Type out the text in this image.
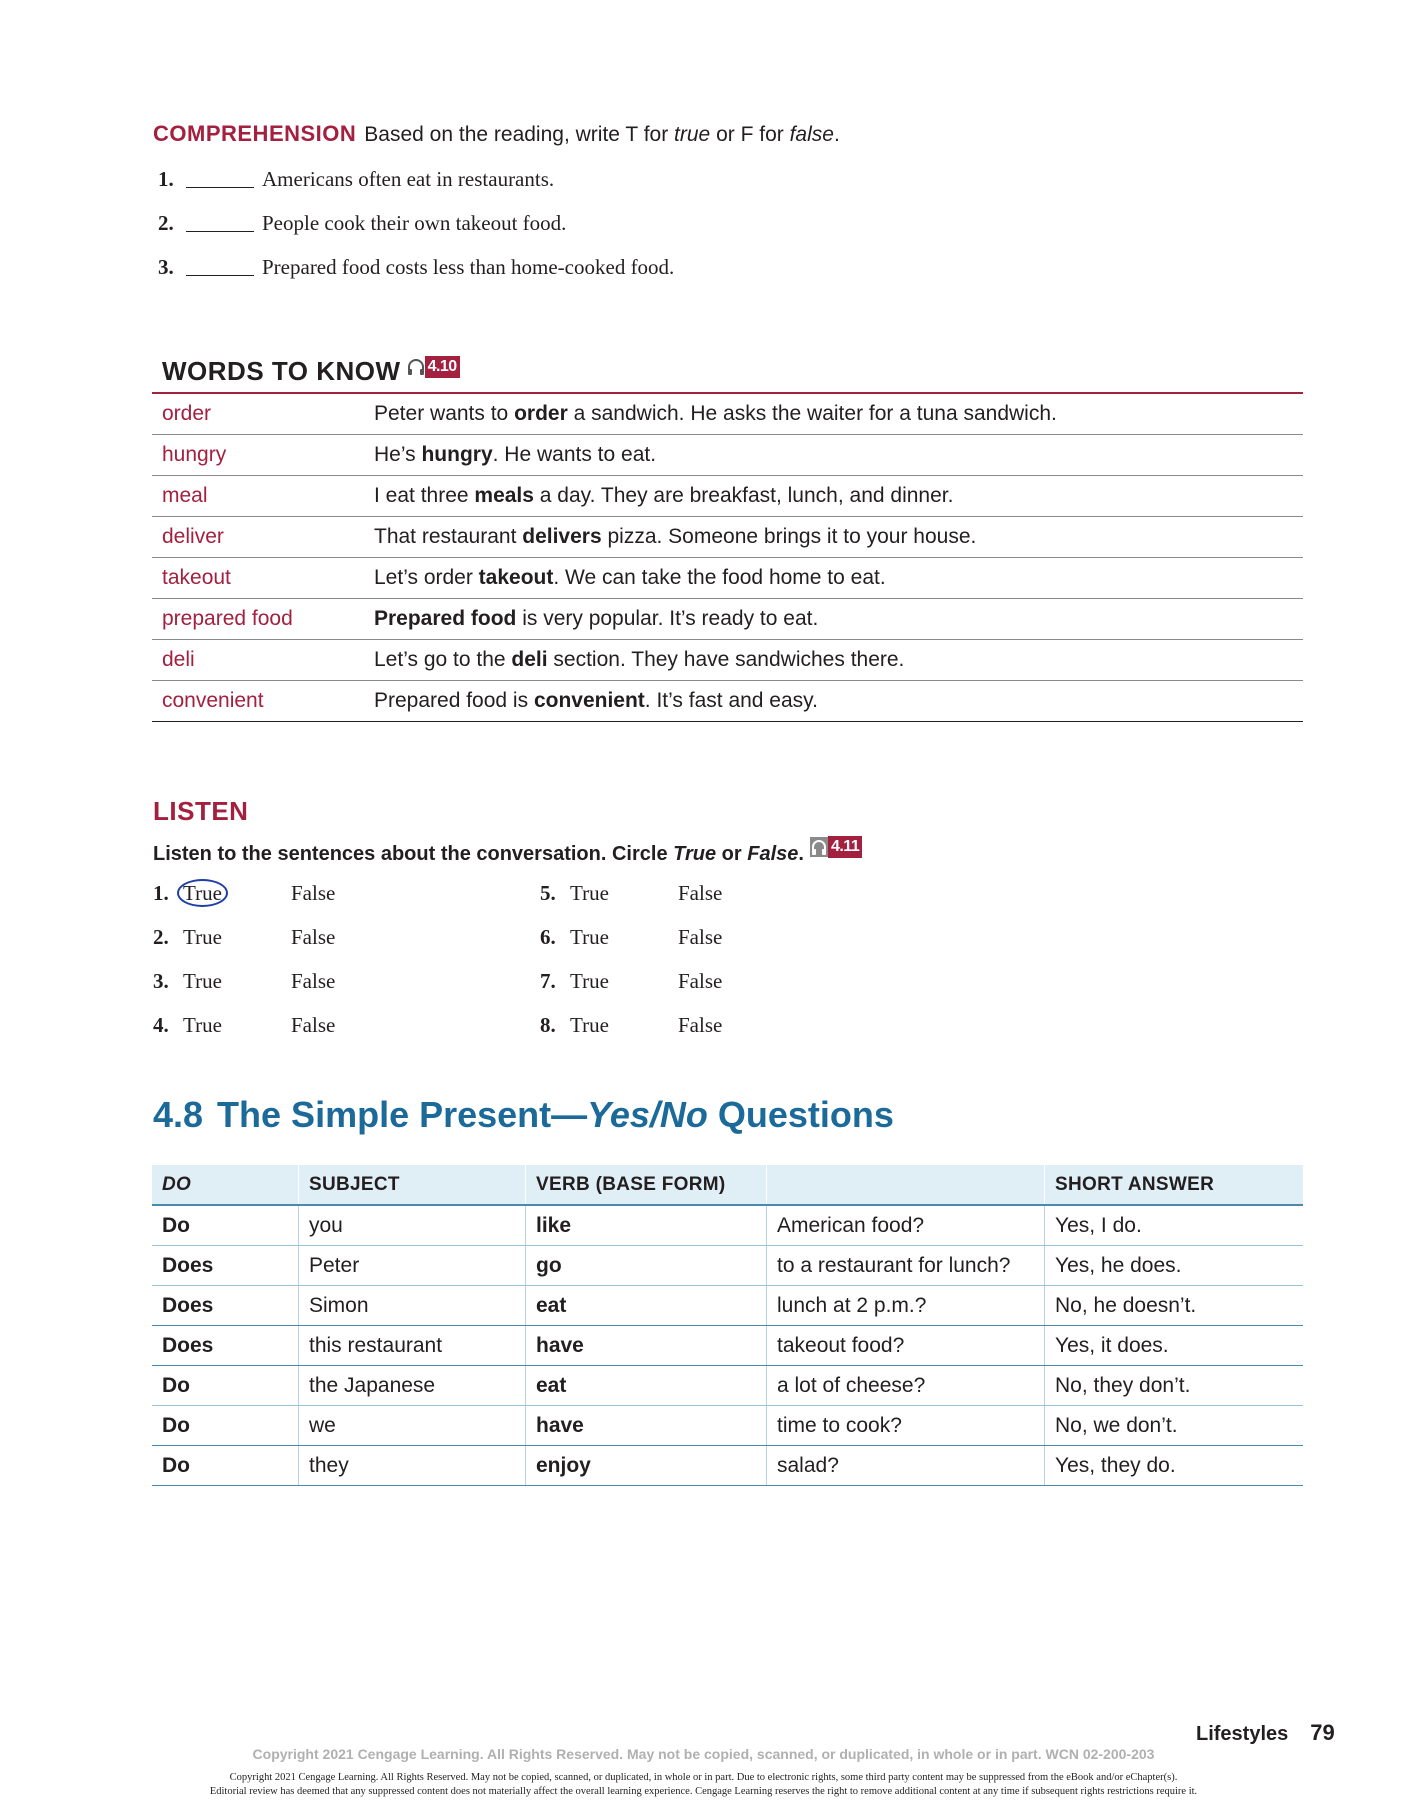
COMPREHENSION Based on the reading, write T for true or F for false.
1.	Americans often eat in restaurants.
2.	People cook their own takeout food.
3.	Prepared food costs less than home-cooked food.
WORDS TO KNOW 4.10
order	Peter wants to order a sandwich. He asks the waiter for a tuna sandwich.
hungry	He’s hungry. He wants to eat.
meal	I eat three meals a day. They are breakfast, lunch, and dinner.
deliver	That restaurant delivers pizza. Someone brings it to your house.
takeout	Let’s order takeout. We can take the food home to eat.
prepared food	Prepared food is very popular. It’s ready to eat.
deli	Let’s go to the deli section. They have sandwiches there.
convenient	Prepared food is convenient. It’s fast and easy.
LISTEN
Listen to the sentences about the conversation. Circle True or False. 4.11
1. True	False
2. True	False
3. True	False
4. True	False
5. True	False
6. True	False
7. True	False
8. True	False
4.8 The Simple Present—Yes/No Questions
DO	SUBJECT	VERB (BASE FORM)		SHORT ANSWER
Do	you	like	American food?	Yes, I do.
Does	Peter	go	to a restaurant for lunch?	Yes, he does.
Does	Simon	eat	lunch at 2 p.m.?	No, he doesn’t.
Does	this restaurant	have	takeout food?	Yes, it does.
Do	the Japanese	eat	a lot of cheese?	No, they don’t.
Do	we	have	time to cook?	No, we don’t.
Do	they	enjoy	salad?	Yes, they do.
Lifestyles 79
Copyright 2021 Cengage Learning. All Rights Reserved. May not be copied, scanned, or duplicated, in whole or in part. WCN 02-200-203
Copyright 2021 Cengage Learning. All Rights Reserved. May not be copied, scanned, or duplicated, in whole or in part. Due to electronic rights, some third party content may be suppressed from the eBook and/or eChapter(s).
Editorial review has deemed that any suppressed content does not materially affect the overall learning experience. Cengage Learning reserves the right to remove additional content at any time if subsequent rights restrictions require it.
